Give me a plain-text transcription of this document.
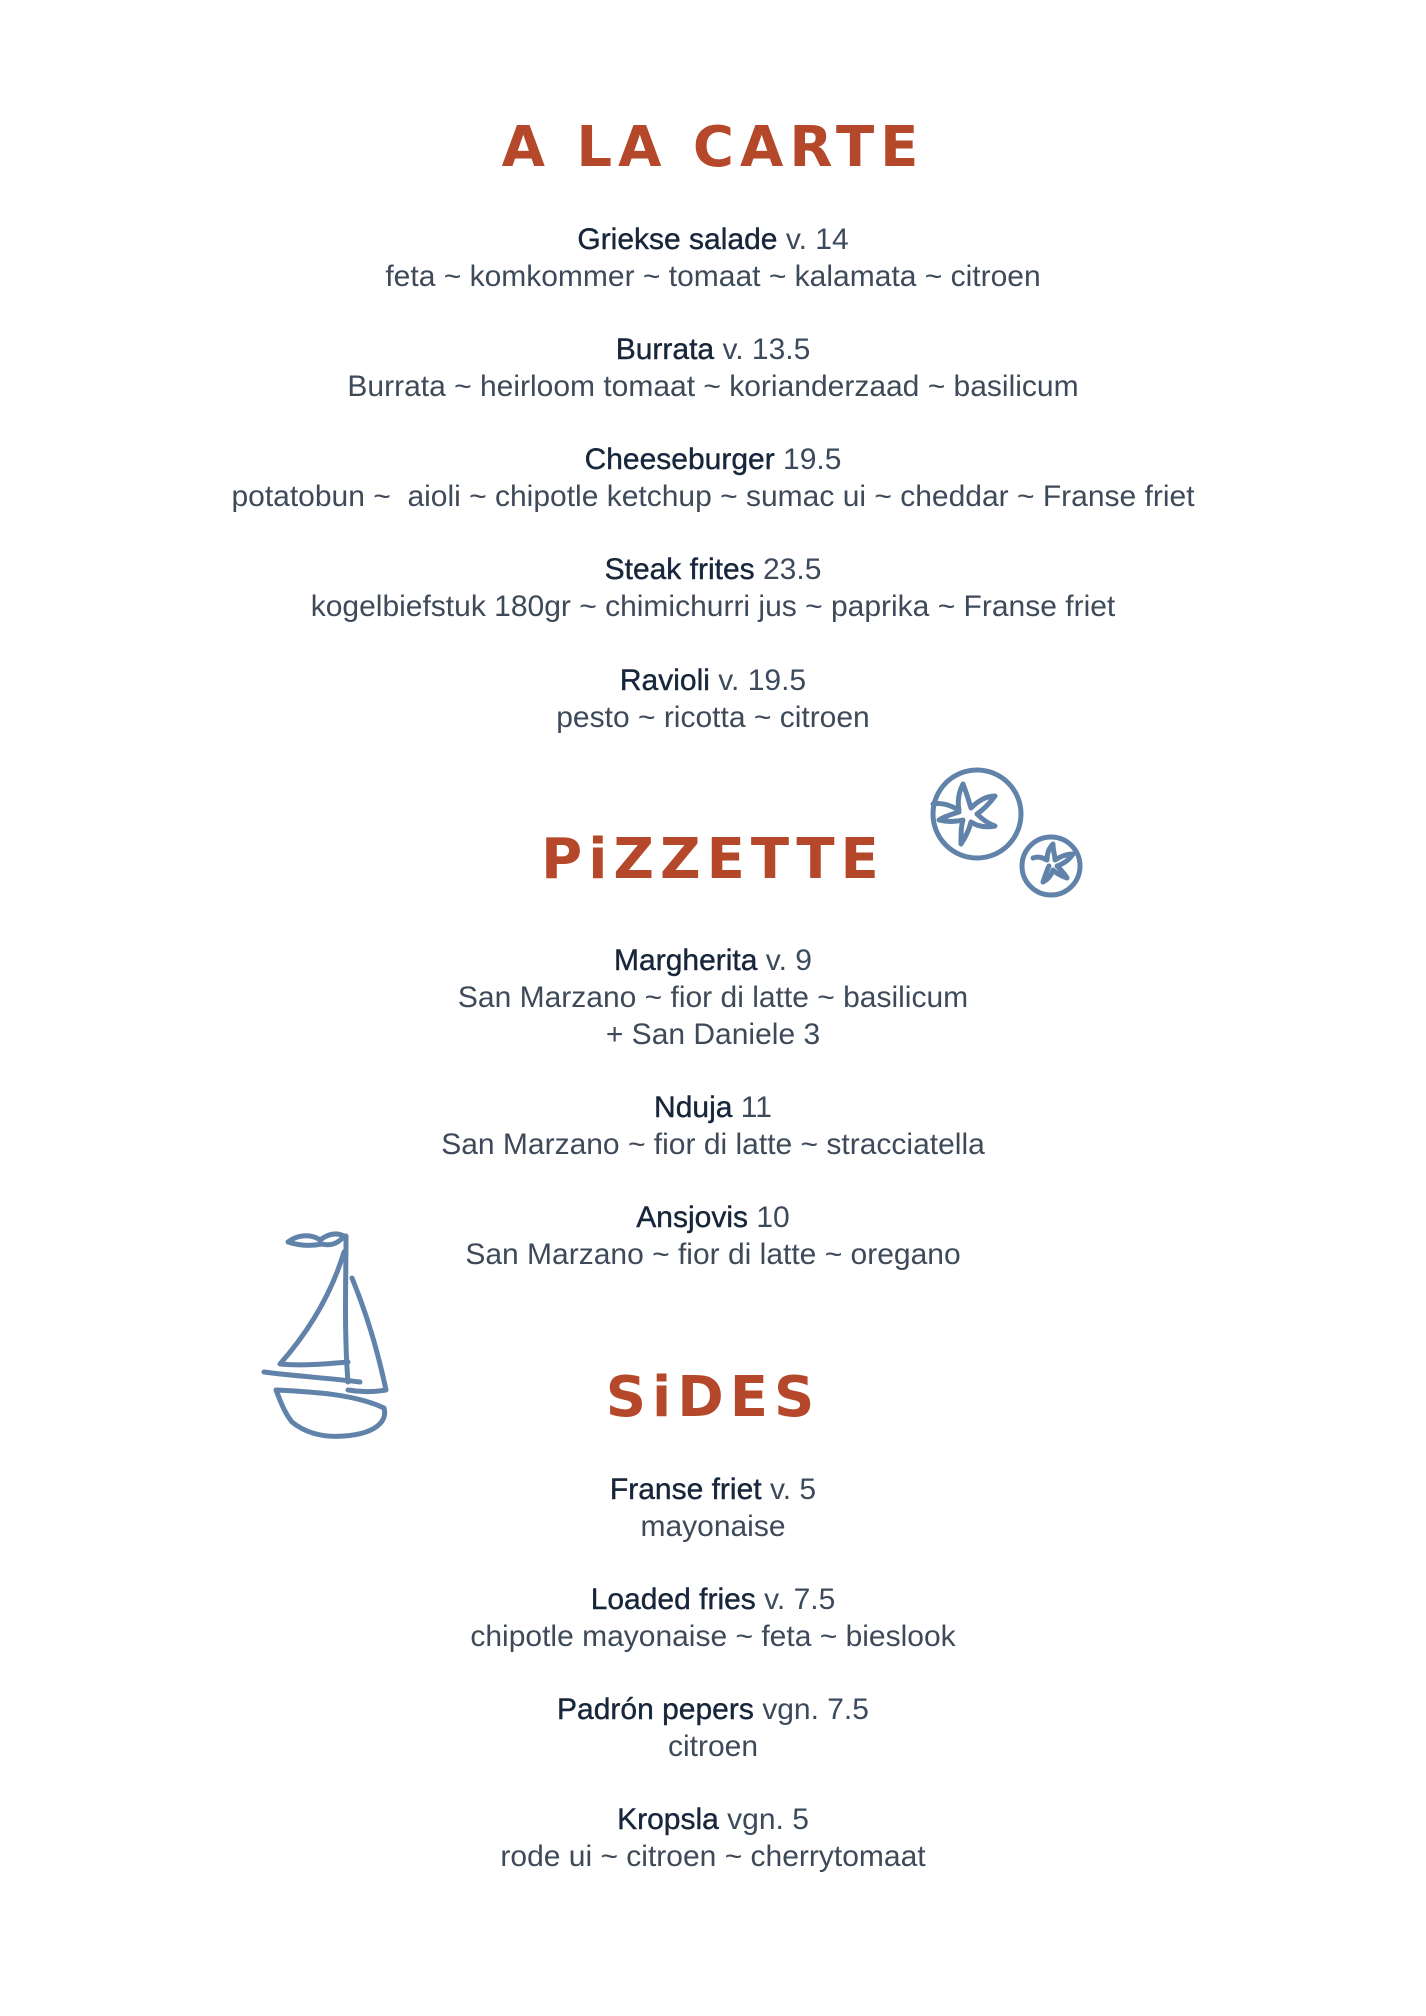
A LA CARTE
Griekse salade v. 14
feta ~ komkommer ~ tomaat ~ kalamata ~ citroen
Burrata v. 13.5
Burrata ~ heirloom tomaat ~ korianderzaad ~ basilicum
Cheeseburger 19.5
potatobun ~  aioli ~ chipotle ketchup ~ sumac ui ~ cheddar ~ Franse friet
Steak frites 23.5
kogelbiefstuk 180gr ~ chimichurri jus ~ paprika ~ Franse friet
Ravioli v. 19.5
pesto ~ ricotta ~ citroen
PiZZETTE
Margherita v. 9
San Marzano ~ fior di latte ~ basilicum
+ San Daniele 3
Nduja 11
San Marzano ~ fior di latte ~ stracciatella
Ansjovis 10
San Marzano ~ fior di latte ~ oregano
SiDES
Franse friet v. 5
mayonaise
Loaded fries v. 7.5
chipotle mayonaise ~ feta ~ bieslook
Padrón pepers vgn. 7.5
citroen
Kropsla vgn. 5
rode ui ~ citroen ~ cherrytomaat
